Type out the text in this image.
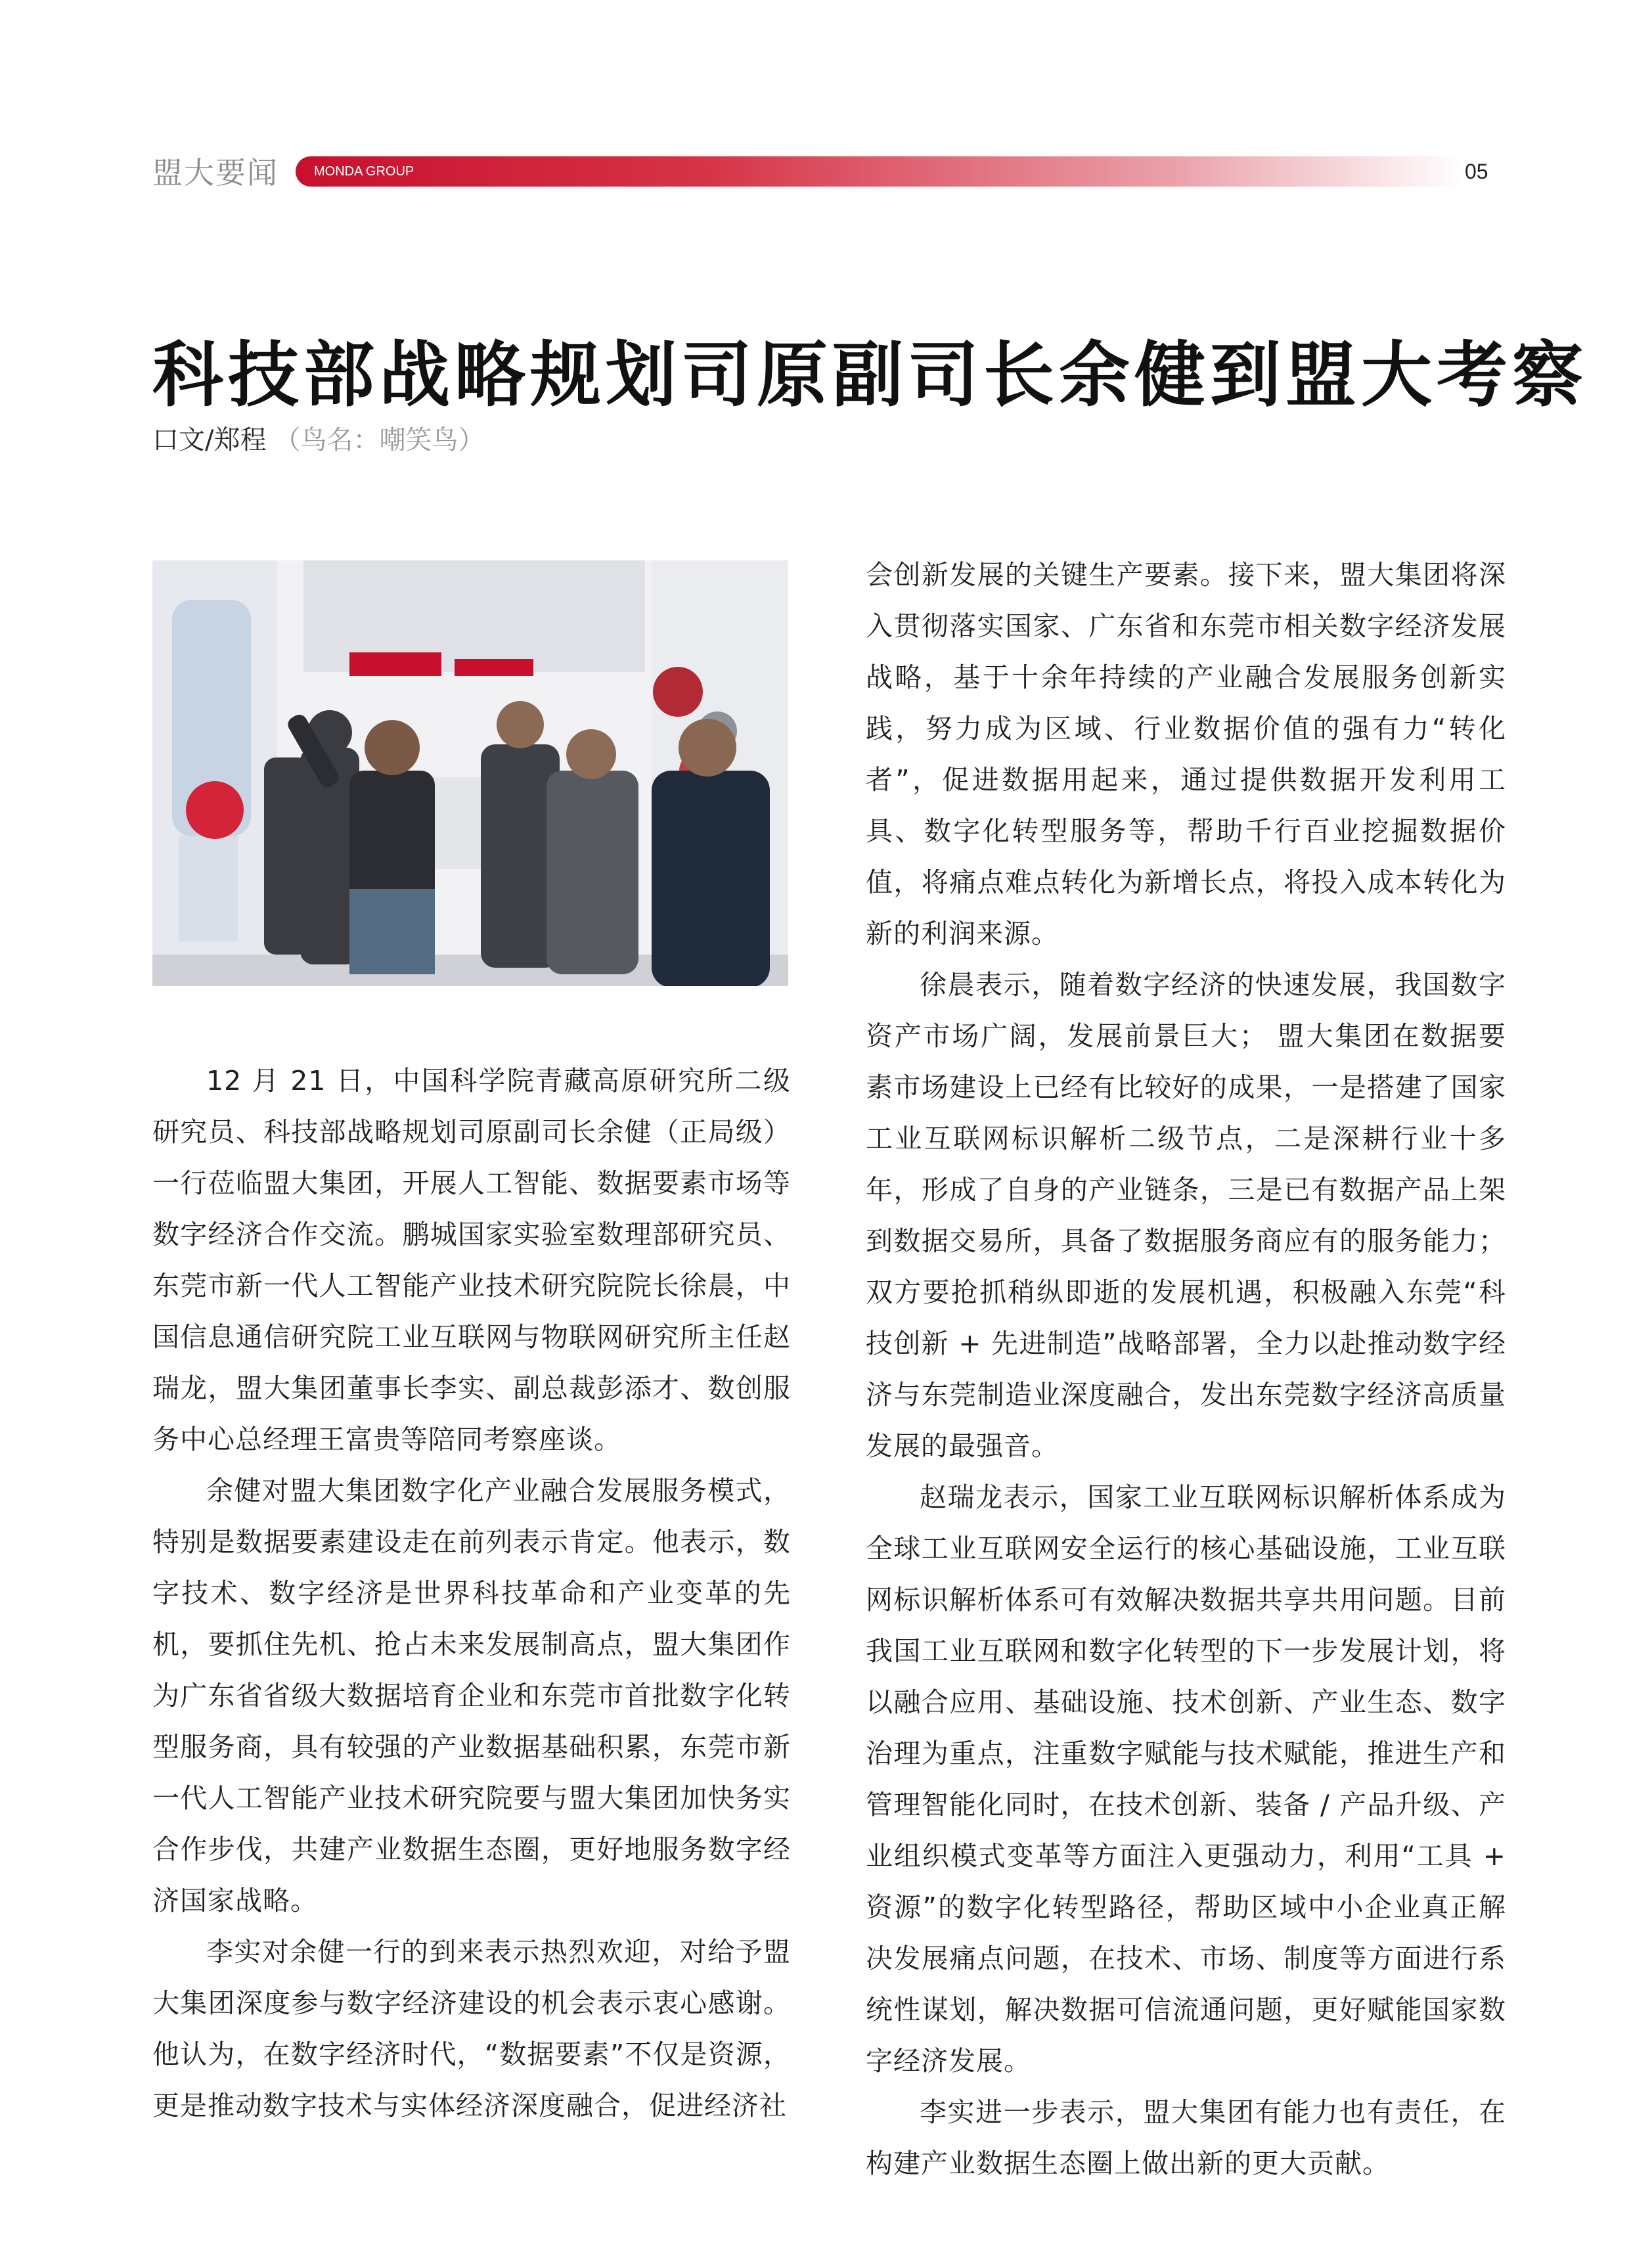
盟大要闻	MONDA GROUP	05
科技部战略规划司原副司长余健到盟大考察
口文/郑程 （鸟名：嘲笑鸟）

12 月 21 日，中国科学院青藏高原研究所二级研究员、科技部战略规划司原副司长余健（正局级）一行莅临盟大集团，开展人工智能、数据要素市场等数字经济合作交流。鹏城国家实验室数理部研究员、东莞市新一代人工智能产业技术研究院院长徐晨，中国信息通信研究院工业互联网与物联网研究所主任赵瑞龙，盟大集团董事长李实、副总裁彭添才、数创服务中心总经理王富贵等陪同考察座谈。

余健对盟大集团数字化产业融合发展服务模式，特别是数据要素建设走在前列表示肯定。他表示，数字技术、数字经济是世界科技革命和产业变革的先机，要抓住先机、抢占未来发展制高点，盟大集团作为广东省省级大数据培育企业和东莞市首批数字化转型服务商，具有较强的产业数据基础积累，东莞市新一代人工智能产业技术研究院要与盟大集团加快务实合作步伐，共建产业数据生态圈，更好地服务数字经济国家战略。

李实对余健一行的到来表示热烈欢迎，对给予盟大集团深度参与数字经济建设的机会表示衷心感谢。他认为，在数字经济时代，“数据要素”不仅是资源，更是推动数字技术与实体经济深度融合，促进经济社

会创新发展的关键生产要素。接下来，盟大集团将深入贯彻落实国家、广东省和东莞市相关数字经济发展战略，基于十余年持续的产业融合发展服务创新实践，努力成为区域、行业数据价值的强有力“转化者”，促进数据用起来，通过提供数据开发利用工具、数字化转型服务等，帮助千行百业挖掘数据价值，将痛点难点转化为新增长点，将投入成本转化为新的利润来源。

徐晨表示，随着数字经济的快速发展，我国数字资产市场广阔，发展前景巨大； 盟大集团在数据要素市场建设上已经有比较好的成果，一是搭建了国家工业互联网标识解析二级节点，二是深耕行业十多年，形成了自身的产业链条，三是已有数据产品上架到数据交易所，具备了数据服务商应有的服务能力； 双方要抢抓稍纵即逝的发展机遇，积极融入东莞“科技创新 + 先进制造”战略部署，全力以赴推动数字经济与东莞制造业深度融合，发出东莞数字经济高质量发展的最强音。

赵瑞龙表示，国家工业互联网标识解析体系成为全球工业互联网安全运行的核心基础设施，工业互联网标识解析体系可有效解决数据共享共用问题。目前我国工业互联网和数字化转型的下一步发展计划，将以融合应用、基础设施、技术创新、产业生态、数字治理为重点，注重数字赋能与技术赋能，推进生产和管理智能化同时，在技术创新、装备 / 产品升级、产业组织模式变革等方面注入更强动力，利用“工具 + 资源”的数字化转型路径，帮助区域中小企业真正解决发展痛点问题，在技术、市场、制度等方面进行系统性谋划，解决数据可信流通问题，更好赋能国家数字经济发展。

李实进一步表示，盟大集团有能力也有责任，在构建产业数据生态圈上做出新的更大贡献。
